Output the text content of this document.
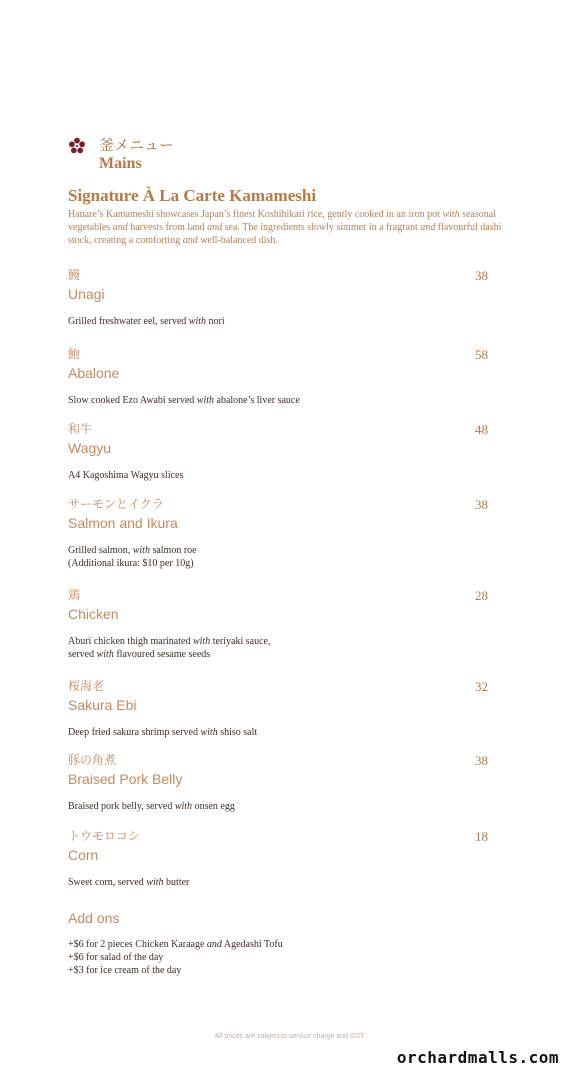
釜メニュー
Mains
Signature À La Carte Kamameshi
Hanare’s Kamameshi showcases Japan’s finest Koshihikari rice, gently cooked in an iron pot with seasonal vegetables and harvests from land and sea. The ingredients slowly simmer in a fragrant and flavourful dashi stock, creating a comforting and well-balanced dish.
鰻
Unagi
38
Grilled freshwater eel, served with nori
鮑
Abalone
58
Slow cooked Ezo Awabi served with abalone’s liver sauce
和牛
Wagyu
48
A4 Kagoshima Wagyu slices
サーモンとイクラ
Salmon and Ikura
38
Grilled salmon, with salmon roe
(Additional ikura: $10 per 10g)
鶏
Chicken
28
Aburi chicken thigh marinated with teriyaki sauce,
served with flavoured sesame seeds
桜海老
Sakura Ebi
32
Deep fried sakura shrimp served with shiso salt
豚の角煮
Braised Pork Belly
38
Braised pork belly, served with onsen egg
トウモロコシ
Corn
18
Sweet corn, served with butter
Add ons
+$6 for 2 pieces Chicken Karaage and Agedashi Tofu
+$6 for salad of the day
+$3 for ice cream of the day
All prices are subject to service charge and GST
orchardmalls.com
